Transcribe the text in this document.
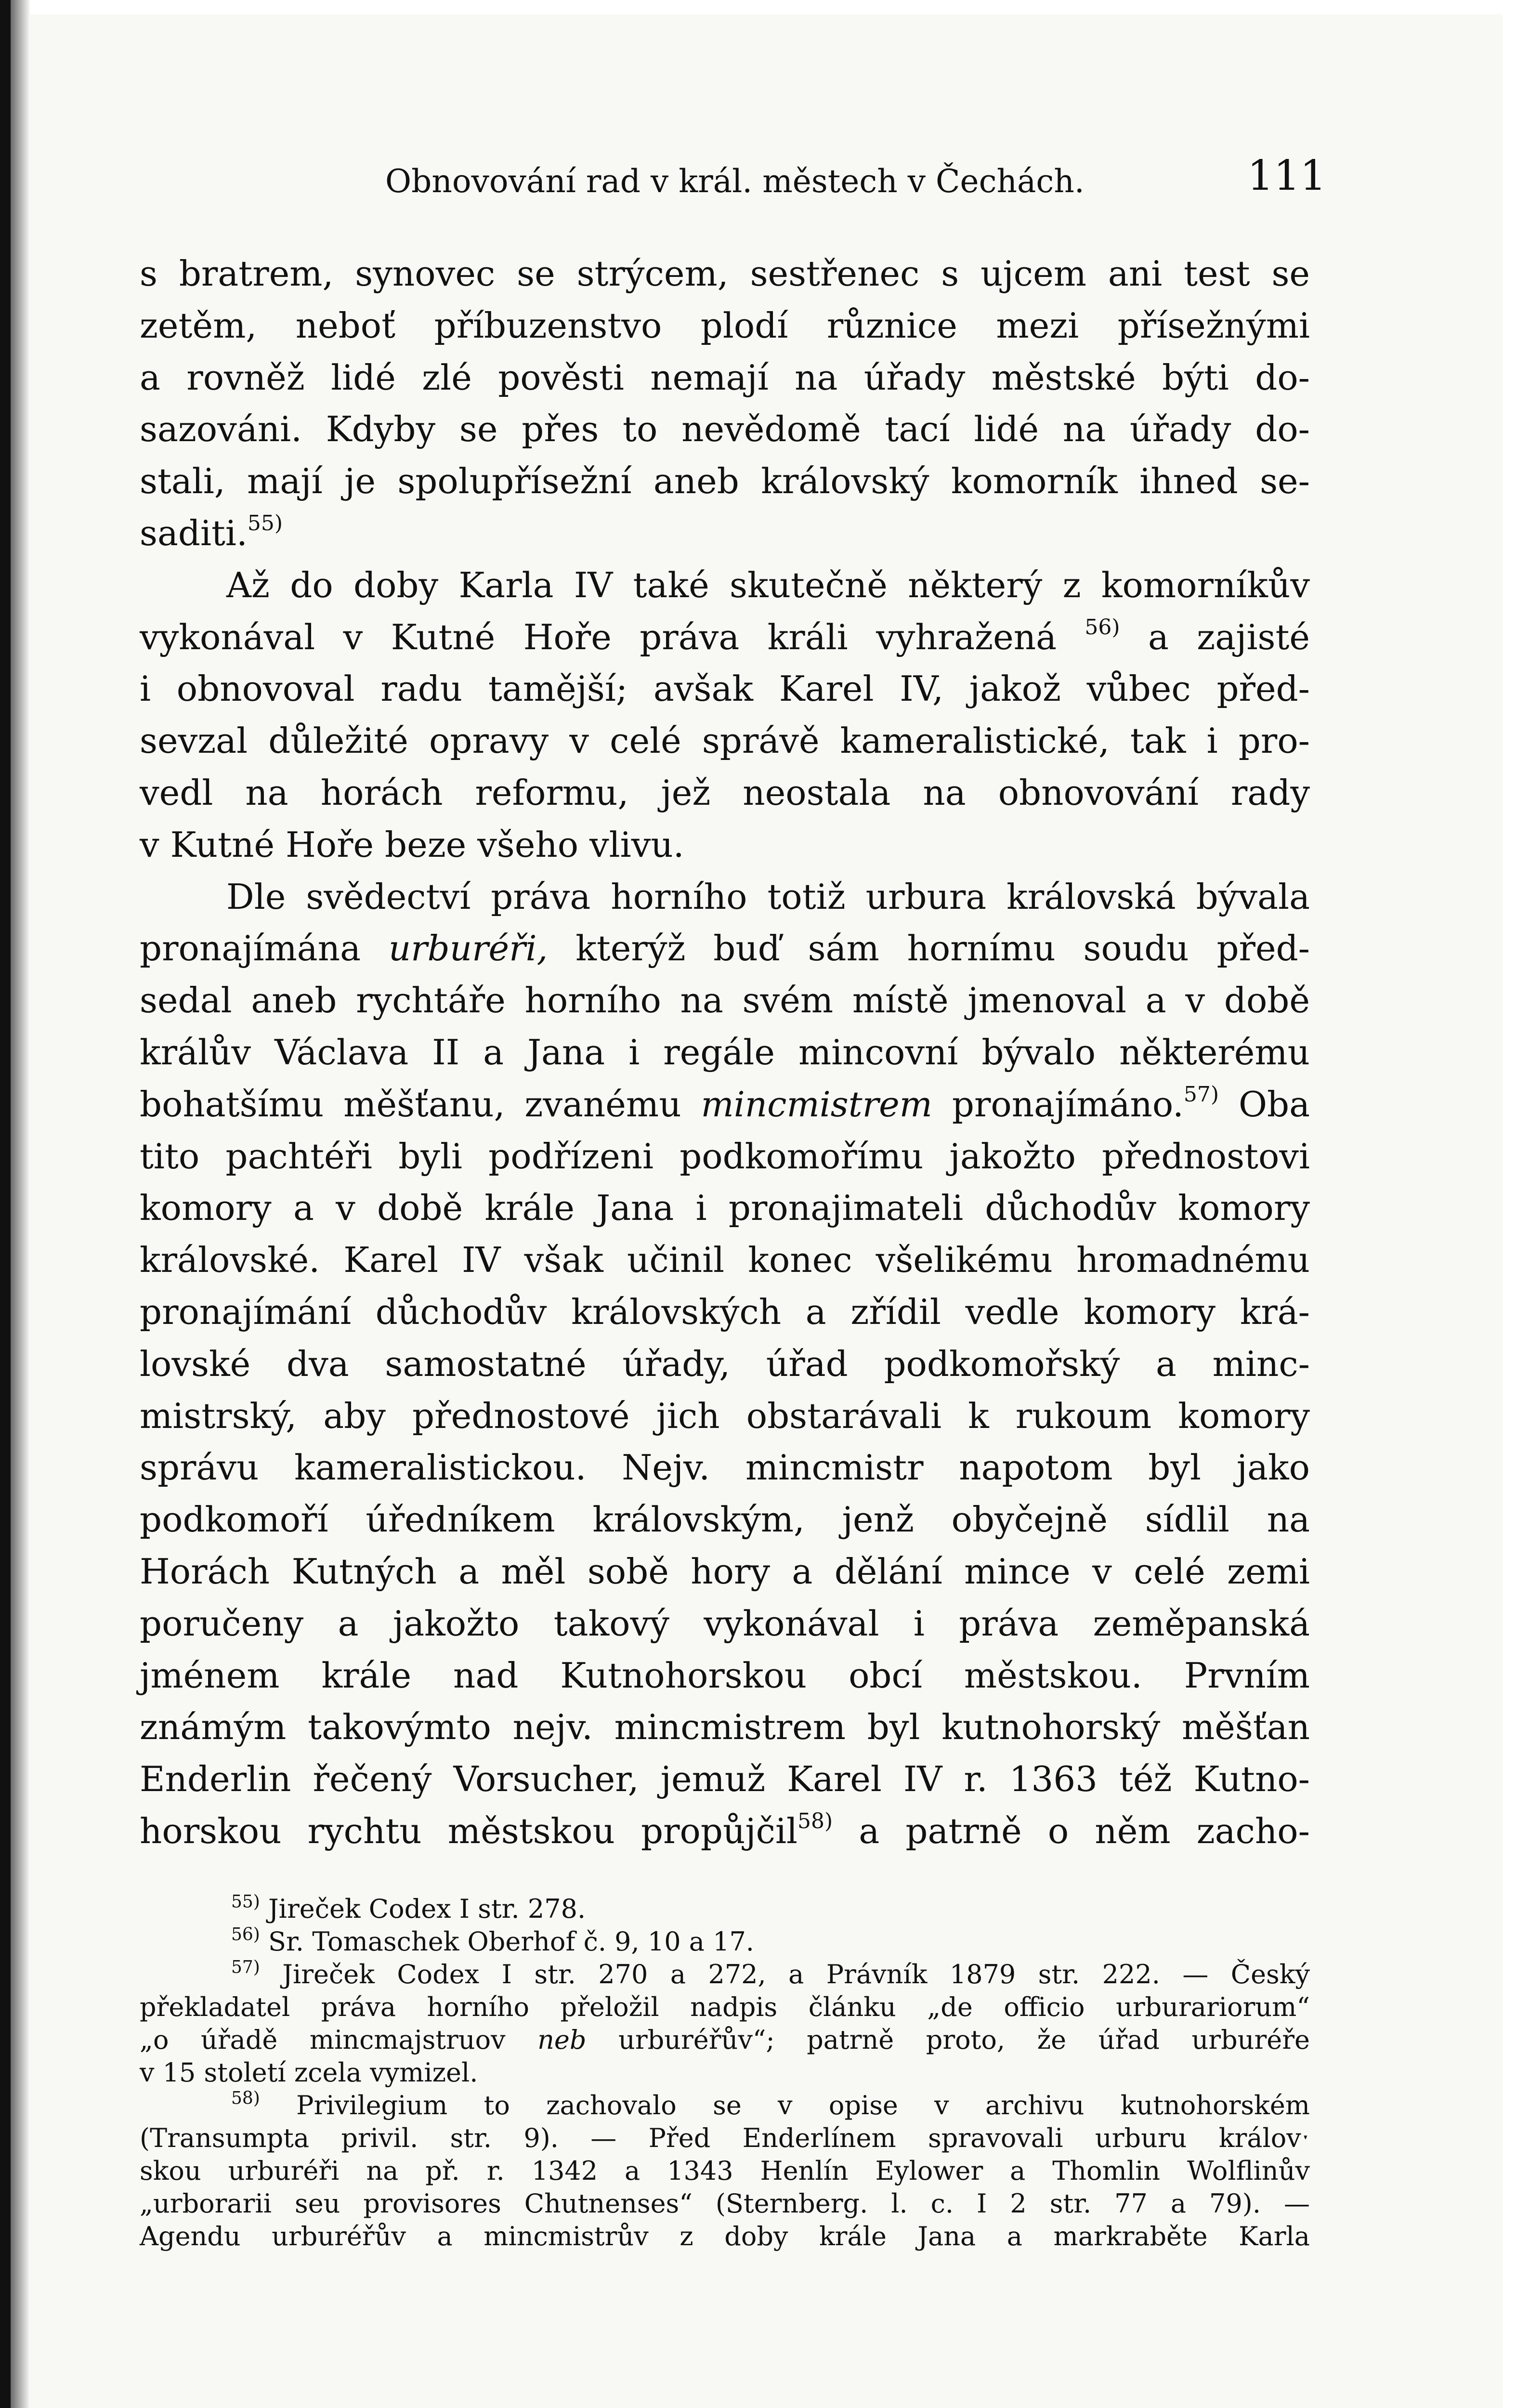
Obnovování rad v král. městech v Čechách.	111

s bratrem, synovec se strýcem, sestřenec s ujcem ani test se
zetěm, neboť příbuzenstvo plodí různice mezi přísežnými
a rovněž lidé zlé pověsti nemají na úřady městské býti do-
sazováni. Kdyby se přes to nevědomě tací lidé na úřady do-
stali, mají je spolupřísežní aneb královský komorník ihned se-
saditi.$^{55)}$

Až do doby Karla IV také skutečně některý z komorníkův
vykonával v Kutné Hoře práva králi vyhražená $^{56)}$ a zajisté
i obnovoval radu tamější; avšak Karel IV, jakož vůbec před-
sevzal důležité opravy v celé správě kameralistické, tak i pro-
vedl na horách reformu, jež neostala na obnovování rady
v Kutné Hoře beze všeho vlivu.

Dle svědectví práva horního totiž urbura královská bývala
pronajímána urburéři, kterýž buď sám hornímu soudu před-
sedal aneb rychtáře horního na svém místě jmenoval a v době
králův Václava II a Jana i regále mincovní bývalo některému
bohatšímu měšťanu, zvanému mincmistrem pronajímáno.$^{57)}$ Oba
tito pachtéři byli podřízeni podkomořímu jakožto přednostovi
komory a v době krále Jana i pronajimateli důchodův komory
královské. Karel IV však učinil konec všelikému hromadnému
pronajímání důchodův královských a zřídil vedle komory krá-
lovské dva samostatné úřady, úřad podkomořský a minc-
mistrský, aby přednostové jich obstarávali k rukoum komory
správu kameralistickou. Nejv. mincmistr napotom byl jako
podkomoří úředníkem královským, jenž obyčejně sídlil na
Horách Kutných a měl sobě hory a dělání mince v celé zemi
poručeny a jakožto takový vykonával i práva zeměpanská
jménem krále nad Kutnohorskou obcí městskou. Prvním
známým takovýmto nejv. mincmistrem byl kutnohorský měšťan
Enderlin řečený Vorsucher, jemuž Karel IV r. 1363 též Kutno-
horskou rychtu městskou propůjčil$^{58)}$ a patrně o něm zacho-

$^{55)}$ Jireček Codex I str. 278.

$^{56)}$ Sr. Tomaschek Oberhof č. 9, 10 a 17.

$^{57)}$ Jireček Codex I str. 270 a 272, a Právník 1879 str. 222. — Český
překladatel práva horního přeložil nadpis článku „de officio urburariorum“
„o úřadě mincmajstruov neb urburéřův“; patrně proto, že úřad urburéře
v 15 století zcela vymizel.
$^{58)}$ Privilegium to zachovalo se v opise v archivu kutnohorském
(Transumpta privil. str. 9). — Před Enderlínem spravovali urburu královˑ
skou urburéři na př. r. 1342 a 1343 Henlín Eylower a Thomlin Wolflinův
„urborarii seu provisores Chutnenses“ (Sternberg. l. c. I 2 str. 77 a 79). —
Agendu urburéřův a mincmistrův z doby krále Jana a markraběte Karla
